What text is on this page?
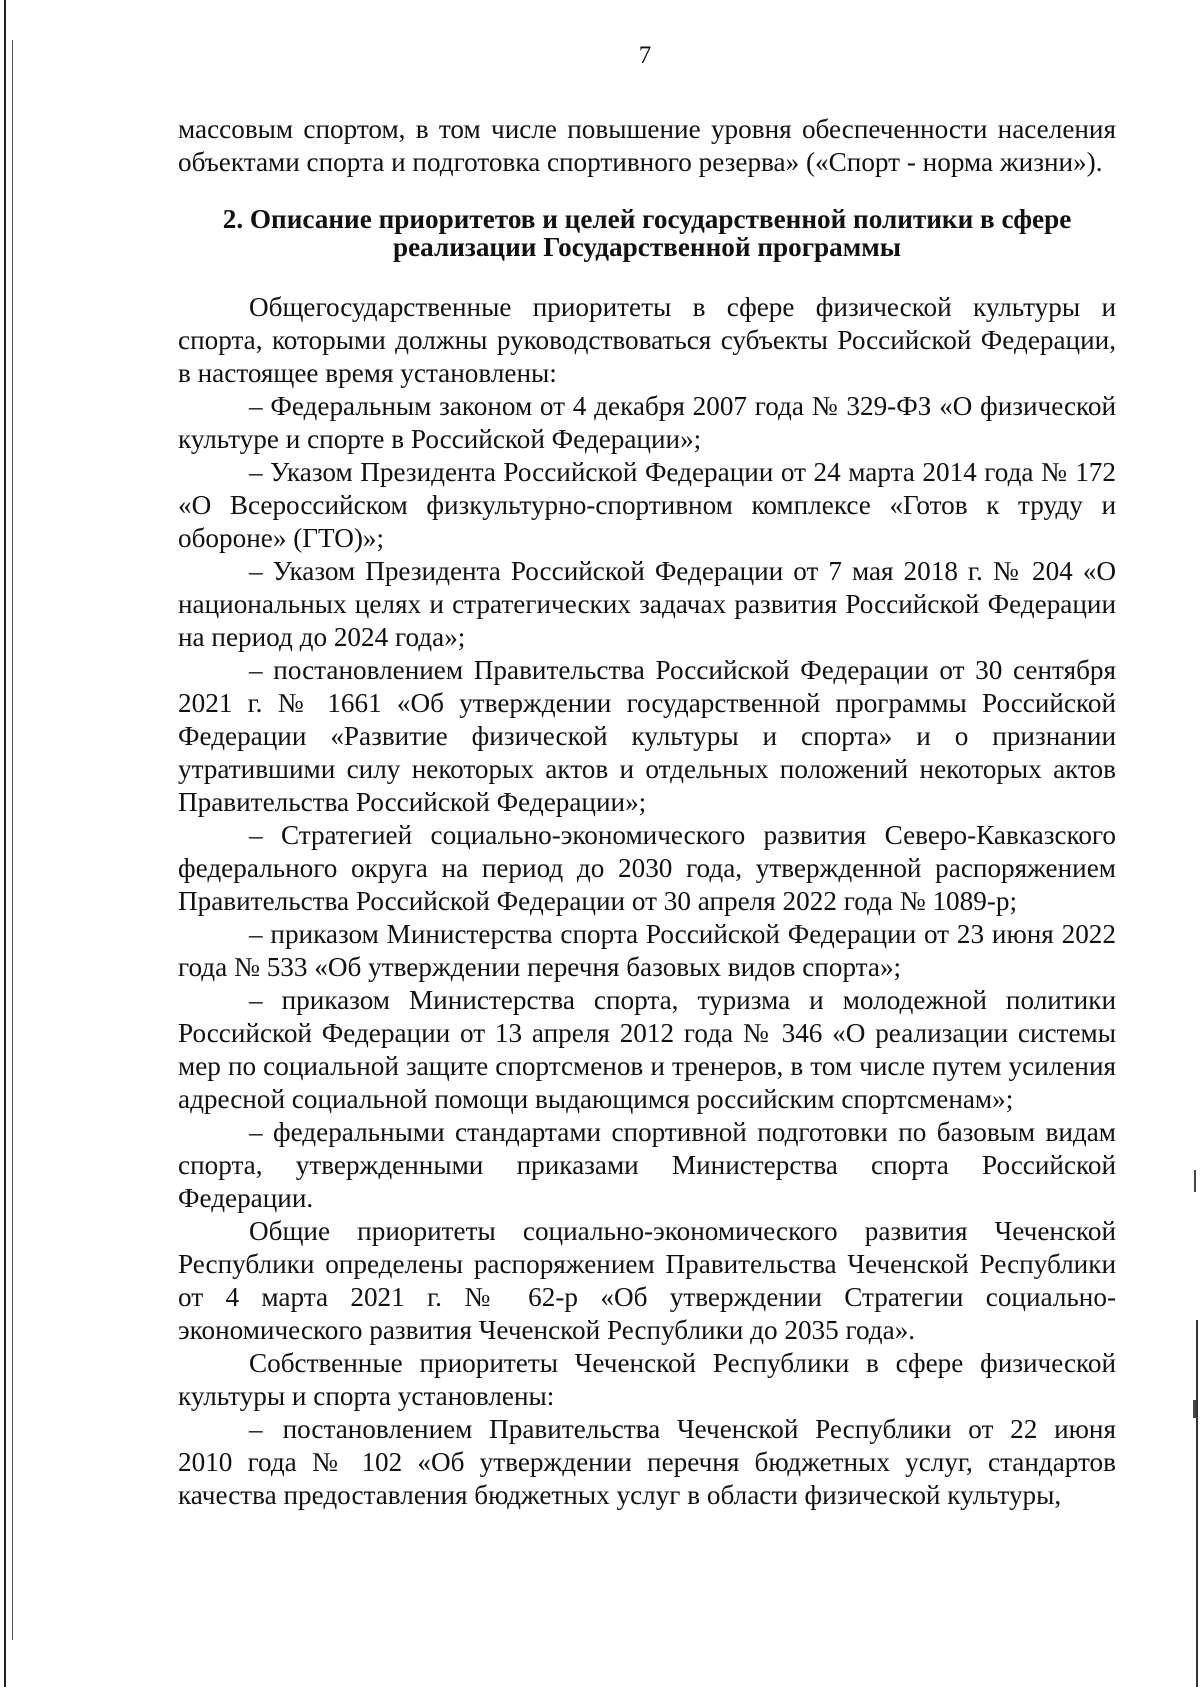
7

массовым спортом, в том числе повышение уровня обеспеченности населения объектами спорта и подготовка спортивного резерва» («Спорт - норма жизни»).

2. Описание приоритетов и целей государственной политики в сфере
реализации Государственной программы

Общегосударственные приоритеты в сфере физической культуры и спорта, которыми должны руководствоваться субъекты Российской Федерации, в настоящее время установлены:

– Федеральным законом от 4 декабря 2007 года № 329-ФЗ «О физической культуре и спорте в Российской Федерации»;

– Указом Президента Российской Федерации от 24 марта 2014 года № 172 «О Всероссийском физкультурно-спортивном комплексе «Готов к труду и обороне» (ГТО)»;

– Указом Президента Российской Федерации от 7 мая 2018 г. № 204 «О национальных целях и стратегических задачах развития Российской Федерации на период до 2024 года»;

– постановлением Правительства Российской Федерации от 30 сентября 2021 г. № 1661 «Об утверждении государственной программы Российской Федерации «Развитие физической культуры и спорта» и о признании утратившими силу некоторых актов и отдельных положений некоторых актов Правительства Российской Федерации»;

– Стратегией социально-экономического развития Северо-Кавказского федерального округа на период до 2030 года, утвержденной распоряжением Правительства Российской Федерации от 30 апреля 2022 года № 1089-р;

– приказом Министерства спорта Российской Федерации от 23 июня 2022 года № 533 «Об утверждении перечня базовых видов спорта»;

– приказом Министерства спорта, туризма и молодежной политики Российской Федерации от 13 апреля 2012 года № 346 «О реализации системы мер по социальной защите спортсменов и тренеров, в том числе путем усиления адресной социальной помощи выдающимся российским спортсменам»;

– федеральными стандартами спортивной подготовки по базовым видам спорта, утвержденными приказами Министерства спорта Российской Федерации.

Общие приоритеты социально-экономического развития Чеченской Республики определены распоряжением Правительства Чеченской Республики от 4 марта 2021 г. № 62-р «Об утверждении Стратегии социально-экономического развития Чеченской Республики до 2035 года».

Собственные приоритеты Чеченской Республики в сфере физической культуры и спорта установлены:

– постановлением Правительства Чеченской Республики от 22 июня 2010 года № 102 «Об утверждении перечня бюджетных услуг, стандартов качества предоставления бюджетных услуг в области физической культуры,
